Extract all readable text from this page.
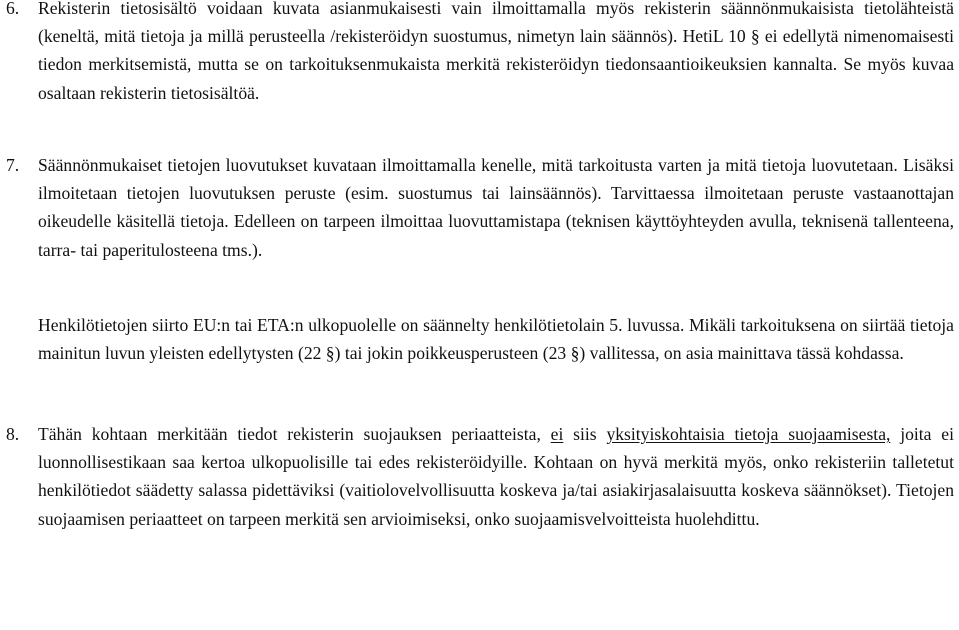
6. Rekisterin tietosisältö voidaan kuvata asianmukaisesti vain ilmoittamalla myös rekisterin säännönmukaisista tietolähteistä (keneltä, mitä tietoja ja millä perusteella /rekisteröidyn suostumus, nimetyn lain säännös). HetiL 10 § ei edellytä nimenomaisesti tiedon merkitsemistä, mutta se on tarkoituksenmukaista merkitä rekisteröidyn tiedonsaantioikeuksien kannalta. Se myös kuvaa osaltaan rekisterin tietosisältöä.
7. Säännönmukaiset tietojen luovutukset kuvataan ilmoittamalla kenelle, mitä tarkoitusta varten ja mitä tietoja luovutetaan. Lisäksi ilmoitetaan tietojen luovutuksen peruste (esim. suostumus tai lainsäännös). Tarvittaessa ilmoitetaan peruste vastaanottajan oikeudelle käsitellä tietoja. Edelleen on tarpeen ilmoittaa luovuttamistapa (teknisen käyttöyhteyden avulla, teknisenä tallenteena, tarra- tai paperitulosteena tms.).
Henkilötietojen siirto EU:n tai ETA:n ulkopuolelle on säännelty henkilötietolain 5. luvussa. Mikäli tarkoituksena on siirtää tietoja mainitun luvun yleisten edellytysten (22 §) tai jokin poikkeusperusteen (23 §) vallitessa, on asia mainittava tässä kohdassa.
8. Tähän kohtaan merkitään tiedot rekisterin suojauksen periaatteista, ei siis yksityiskohtaisia tietoja suojaamisesta, joita ei luonnollisestikaan saa kertoa ulkopuolisille tai edes rekisteröidyille. Kohtaan on hyvä merkitä myös, onko rekisteriin talletetut henkilötiedot säädetty salassa pidettäviksi (vaitiolovelvollisuutta koskeva ja/tai asiakirjasalaisuutta koskeva säännökset). Tietojen suojaamisen periaatteet on tarpeen merkitä sen arvioimiseksi, onko suojaamisvelvoitteista huolehdittu.
